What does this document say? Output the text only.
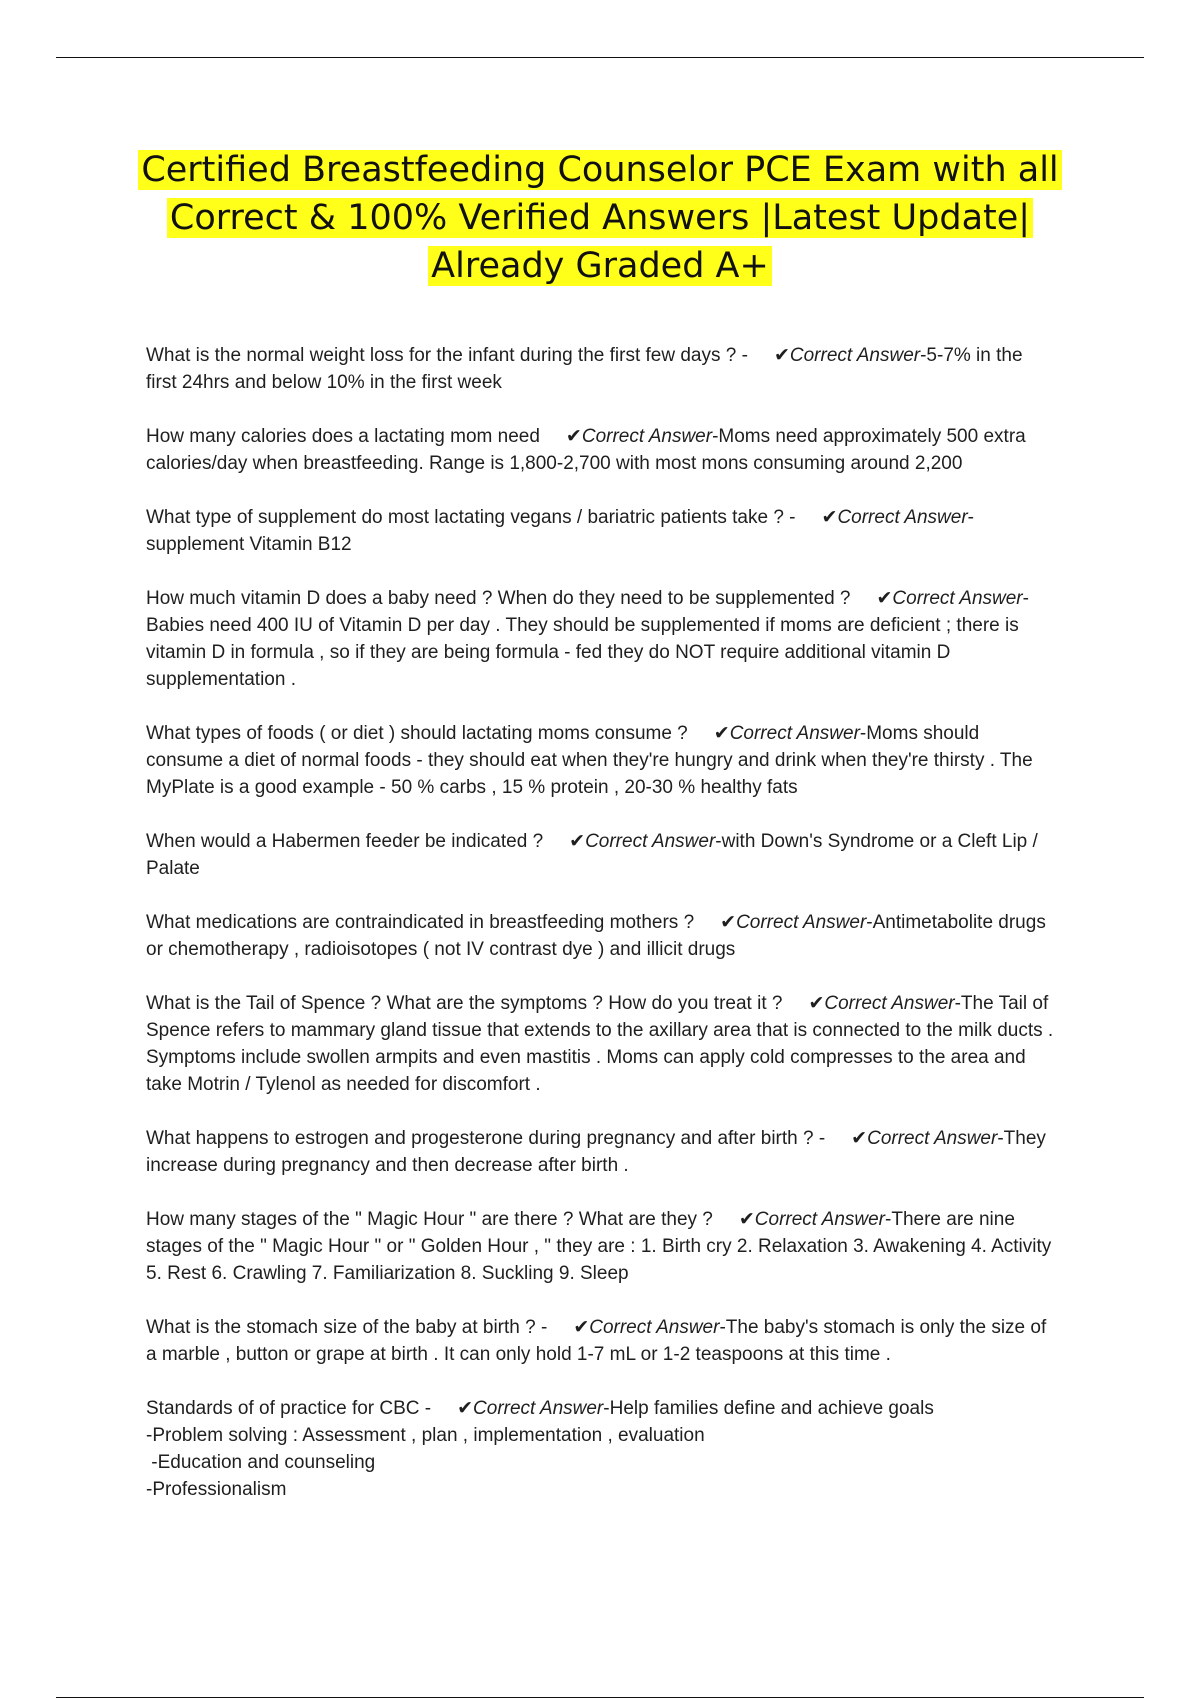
Certified Breastfeeding Counselor PCE Exam with all
Correct & 100% Verified Answers |Latest Update|
Already Graded A+
What is the normal weight loss for the infant during the first few days ? - ✔Correct Answer-5-7% in the first 24hrs and below 10% in the first week
How many calories does a lactating mom need ✔Correct Answer-Moms need approximately 500 extra calories/day when breastfeeding. Range is 1,800-2,700 with most mons consuming around 2,200
What type of supplement do most lactating vegans / bariatric patients take ? - ✔Correct Answer-supplement Vitamin B12
How much vitamin D does a baby need ? When do they need to be supplemented ? ✔Correct Answer-Babies need 400 IU of Vitamin D per day . They should be supplemented if moms are deficient ; there is vitamin D in formula , so if they are being formula - fed they do NOT require additional vitamin D supplementation .
What types of foods ( or diet ) should lactating moms consume ? ✔Correct Answer-Moms should consume a diet of normal foods - they should eat when they're hungry and drink when they're thirsty . The MyPlate is a good example - 50 % carbs , 15 % protein , 20-30 % healthy fats
When would a Habermen feeder be indicated ? ✔Correct Answer-with Down's Syndrome or a Cleft Lip / Palate
What medications are contraindicated in breastfeeding mothers ? ✔Correct Answer-Antimetabolite drugs or chemotherapy , radioisotopes ( not IV contrast dye ) and illicit drugs
What is the Tail of Spence ? What are the symptoms ? How do you treat it ? ✔Correct Answer-The Tail of Spence refers to mammary gland tissue that extends to the axillary area that is connected to the milk ducts . Symptoms include swollen armpits and even mastitis . Moms can apply cold compresses to the area and take Motrin / Tylenol as needed for discomfort .
What happens to estrogen and progesterone during pregnancy and after birth ? - ✔Correct Answer-They increase during pregnancy and then decrease after birth .
How many stages of the " Magic Hour " are there ? What are they ? ✔Correct Answer-There are nine stages of the " Magic Hour " or " Golden Hour , " they are : 1. Birth cry 2. Relaxation 3. Awakening 4. Activity 5. Rest 6. Crawling 7. Familiarization 8. Suckling 9. Sleep
What is the stomach size of the baby at birth ? - ✔Correct Answer-The baby's stomach is only the size of a marble , button or grape at birth . It can only hold 1-7 mL or 1-2 teaspoons at this time .
Standards of of practice for CBC - ✔Correct Answer-Help families define and achieve goals
-Problem solving : Assessment , plan , implementation , evaluation
-Education and counseling
-Professionalism
